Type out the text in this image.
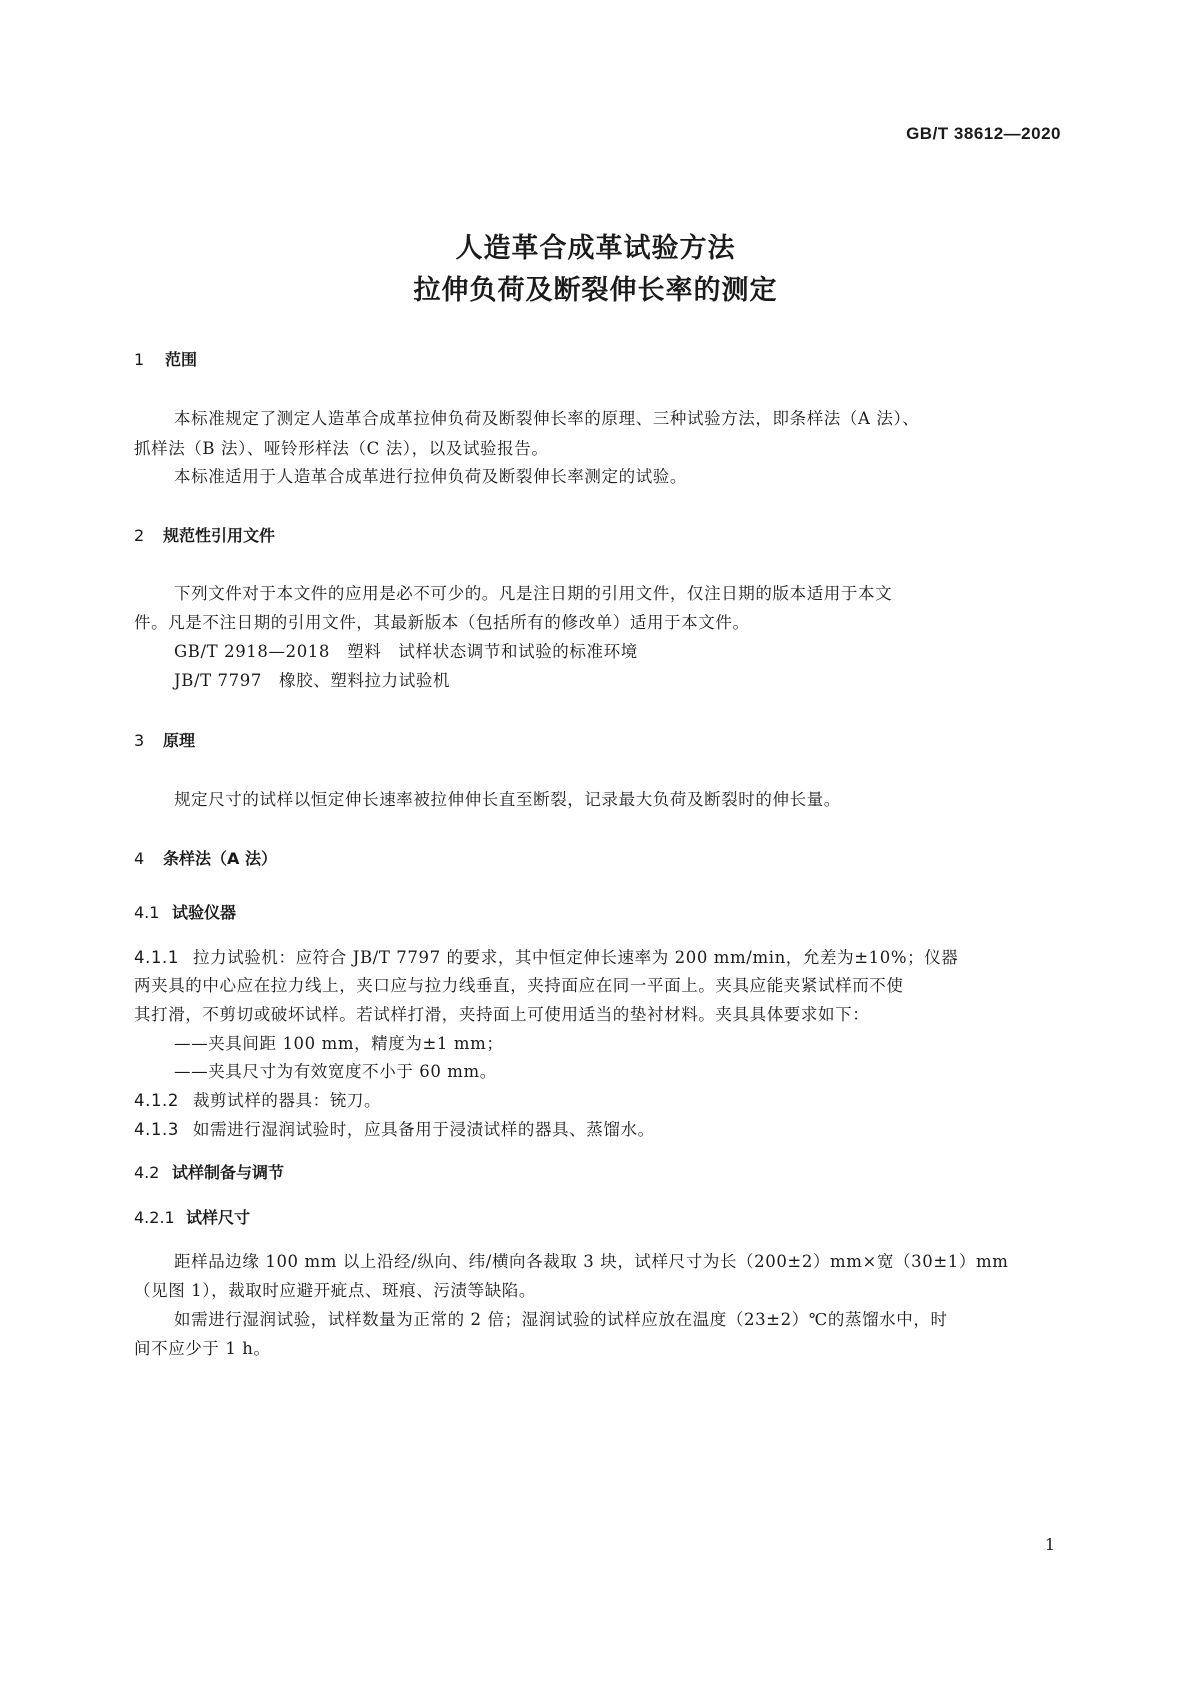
GB/T 38612—2020
人造革合成革试验方法
拉伸负荷及断裂伸长率的测定
1 范围
本标准规定了测定人造革合成革拉伸负荷及断裂伸长率的原理、三种试验方法，即条样法（A 法）、
抓样法（B 法）、哑铃形样法（C 法），以及试验报告。
本标准适用于人造革合成革进行拉伸负荷及断裂伸长率测定的试验。
2 规范性引用文件
下列文件对于本文件的应用是必不可少的。凡是注日期的引用文件，仅注日期的版本适用于本文
件。凡是不注日期的引用文件，其最新版本（包括所有的修改单）适用于本文件。
GB/T 2918—2018　塑料　试样状态调节和试验的标准环境
JB/T 7797　橡胶、塑料拉力试验机
3 原理
规定尺寸的试样以恒定伸长速率被拉伸伸长直至断裂，记录最大负荷及断裂时的伸长量。
4 条样法（A 法）
4.1 试验仪器
4.1.1 拉力试验机：应符合 JB/T 7797 的要求，其中恒定伸长速率为 200 mm/min，允差为±10%；仪器
两夹具的中心应在拉力线上，夹口应与拉力线垂直，夹持面应在同一平面上。夹具应能夹紧试样而不使
其打滑，不剪切或破坏试样。若试样打滑，夹持面上可使用适当的垫衬材料。夹具具体要求如下：
——夹具间距 100 mm，精度为±1 mm；
——夹具尺寸为有效宽度不小于 60 mm。
4.1.2 裁剪试样的器具：铳刀。
4.1.3 如需进行湿润试验时，应具备用于浸渍试样的器具、蒸馏水。
4.2 试样制备与调节
4.2.1 试样尺寸
距样品边缘 100 mm 以上沿经/纵向、纬/横向各裁取 3 块，试样尺寸为长（200±2）mm×宽（30±1）mm
（见图 1），裁取时应避开疵点、斑痕、污渍等缺陷。
如需进行湿润试验，试样数量为正常的 2 倍；湿润试验的试样应放在温度（23±2）℃的蒸馏水中，时
间不应少于 1 h。
1
